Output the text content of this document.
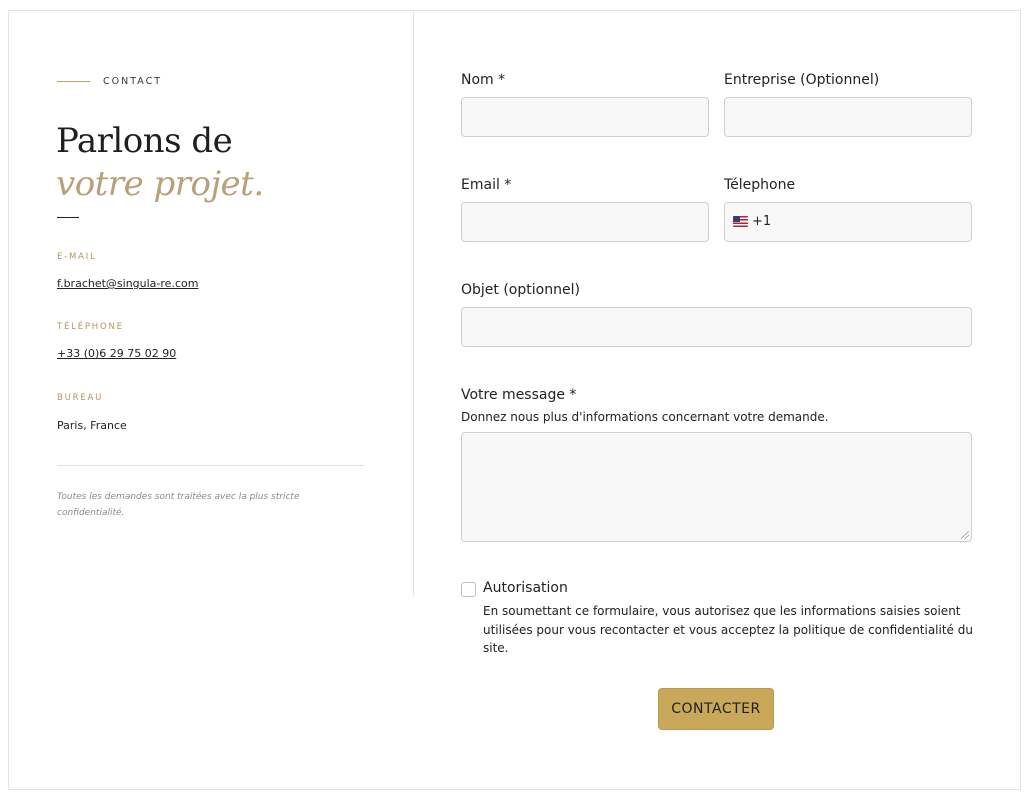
CONTACT
Parlons de
votre projet.
E-MAIL
f.brachet@singula-re.com
TÉLÉPHONE
+33 (0)6 29 75 02 90
BUREAU
Paris, France
Toutes les demandes sont traitées avec la plus stricte confidentialité.
Nom *	Entreprise (Optionnel)
Email *	Télephone
+1
Objet (optionnel)
Votre message *
Donnez nous plus d'informations concernant votre demande.
Autorisation
En soumettant ce formulaire, vous autorisez que les informations saisies soient utilisées pour vous recontacter et vous acceptez la politique de confidentialité du site.
CONTACTER
